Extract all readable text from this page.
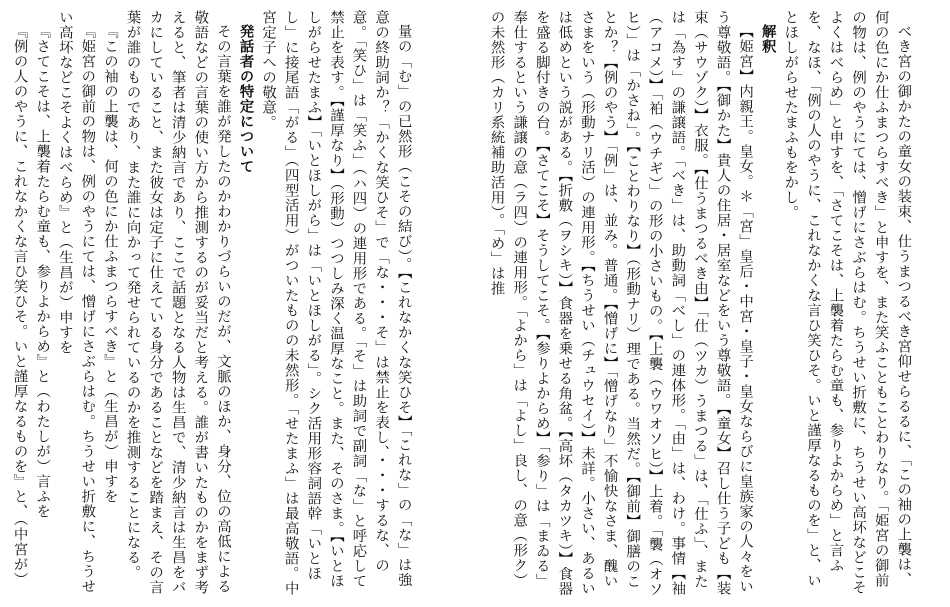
べき宮の御かたの童女の装束、仕うまつるべき宮仰せらるるに、「この袖の上襲は、何の色にか仕ふまつらすべき」と申すを、また笑ふこともことわりなり。「姫宮の御前の物は、例のやうにては、憎げにさぶらはむ。ちうせい折敷に、ちうせい高坏などこそよくはべらめ」と申すを、「さてこそは、上襲着たらむ童も、参りよからめ」と言ふを、なほ、「例の人のやうに、これなかくな言ひ笑ひそ。いと謹厚なるものを」と、いとほしがらせたまふもをかし。

解釈

【姫宮】内親王。皇女。＊「宮」皇后・中宮・皇子・皇女ならびに皇族家の人々をいう尊敬語。【御かた】貴人の住居・居室などをいう尊敬語。【童女】召し仕う子ども【装束（サウゾク）】衣服。【仕うまつるべき由】「仕（ツカ）うまつる」は、「仕ふ」、また は「為す」の謙譲語。「べき」は、助動詞「べし」の連体形。「由」は、わけ。事情【袖（アコメ）】「袙（ウチギ）」の形の小さいもの。【上襲（ウワオソヒ）】上着。「襲（オソヒ）」は「かさね」。【ことわりなり】（形動ナリ）理である。当然だ。【御前】御膳のことか？【例のやう】「例」は、並み。普通。【憎げに】「憎げなり」不愉快なさま、醜いさまをいう（形動ナリ活）の連用形。【ちうせい（チュウセイ）】未詳。小さい、あるいは低めという説がある。【折敷（ヲシキ）】食器を乗せる角盆。【高坏（タカツキ）】食器を盛る脚付きの台。【さてこそ】そうしてこそ。【参りよからめ】「参り」は「まゐる」奉仕するという謙譲の意（ラ四）の連用形。「よから」は「よし」良し、の意（形ク）の未然形（カリ系統補助活用）。「め」は推

量の「む」の已然形（こその結び）。【これなかくな笑ひそ】「これな」の「な」は強意の終助詞か？「かくな笑ひそ」で「な・・・そ」は禁止を表し、・・・するな、の意。「笑ひ」は「笑ふ」（ハ四）の連用形である。「そ」は助詞で副詞「な」と呼応して禁止を表す。【謹厚なり】（形動）つつしみ深く温厚なこと。また、そのさま。【いとほしがらせたまふ】「いとほしがら」は「いとほしがる」。シク活用形容詞語幹「いとほし」に接尾語「がる」（四型活用）がついたものの未然形。「せたまふ」は最高敬語。中宮定子への敬意。

発話者の特定について

その言葉を誰が発したのかわかりづらいのだが、文脈のほか、身分、位の高低による敬語などの言葉の使い方から推測するのが妥当だと考える。誰が書いたものかをまず考えると、筆者は清少納言であり、ここで話題となる人物は生昌で、清少納言は生昌をバカにしていること、また彼女は定子に仕えている身分であることなどを踏まえ、その言葉が誰のものであり、また誰に向かって発せられているのかを推測することになる。

『この袖の上襲は、何の色にか仕ふまつらすべき』と（生昌が）申すを

『姫宮の御前の物は、例のやうにては、憎げにさぶらはむ。ちうせい折敷に、ちうせい高坏などこそよくはべらめ』と（生昌が）申すを

『さてこそは、上襲着たらむ童も、参りよからめ』と（わたしが）言ふを

『例の人のやうに、これなかくな言ひ笑ひそ。いと謹厚なるものを』と、（中宮が）
